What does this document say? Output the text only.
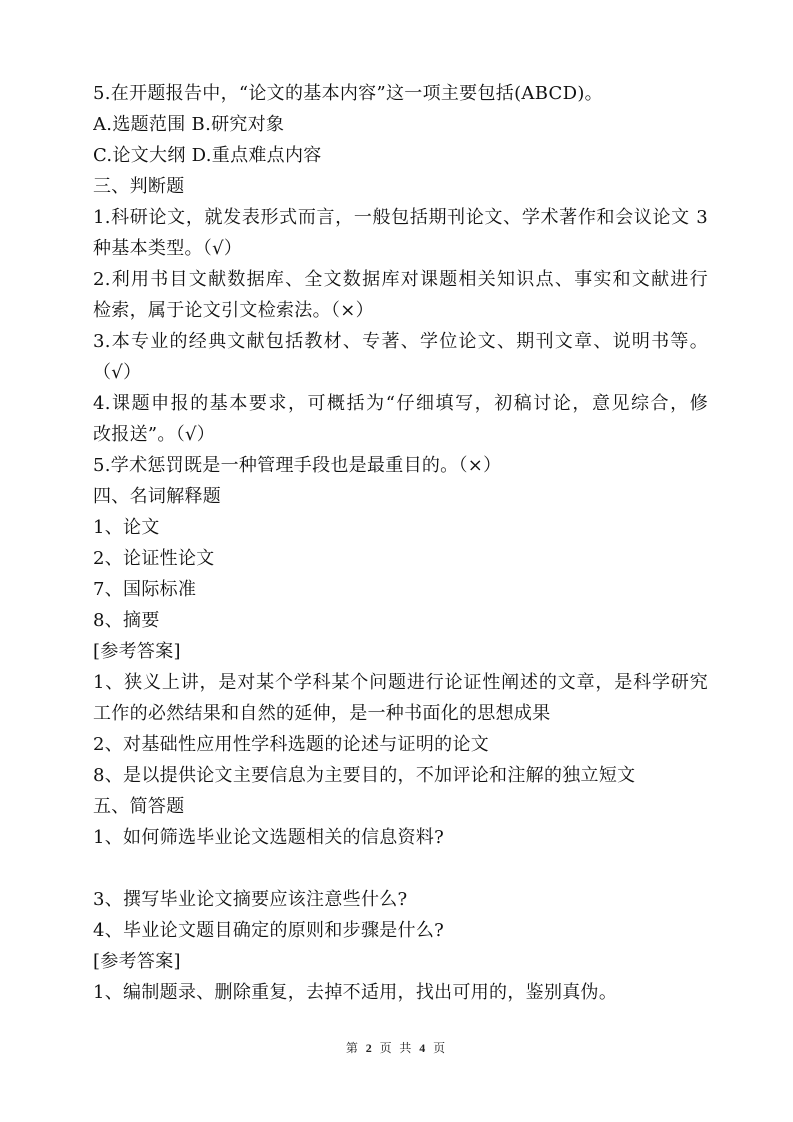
5.在开题报告中，“论文的基本内容”这一项主要包括(ABCD)。
A.选题范围 B.研究对象
C.论文大纲 D.重点难点内容
三、判断题
1.科研论文，就发表形式而言，一般包括期刊论文、学术著作和会议论文 3
种基本类型。（√）
2.利用书目文献数据库、全文数据库对课题相关知识点、事实和文献进行
检索，属于论文引文检索法。（×）
3.本专业的经典文献包括教材、专著、学位论文、期刊文章、说明书等。
（√）
4.课题申报的基本要求，可概括为“仔细填写，初稿讨论，意见综合，修
改报送”。（√）
5.学术惩罚既是一种管理手段也是最重目的。（×）
四、名词解释题
1、论文
2、论证性论文
7、国际标准
8、摘要
[参考答案]
1、狭义上讲，是对某个学科某个问题进行论证性阐述的文章，是科学研究
工作的必然结果和自然的延伸，是一种书面化的思想成果
2、对基础性应用性学科选题的论述与证明的论文
8、是以提供论文主要信息为主要目的，不加评论和注解的独立短文
五、简答题
1、如何筛选毕业论文选题相关的信息资料?
3、撰写毕业论文摘要应该注意些什么?
4、毕业论文题目确定的原则和步骤是什么?
[参考答案]
1、编制题录、删除重复，去掉不适用，找出可用的，鉴别真伪。
第 2 页 共 4 页
